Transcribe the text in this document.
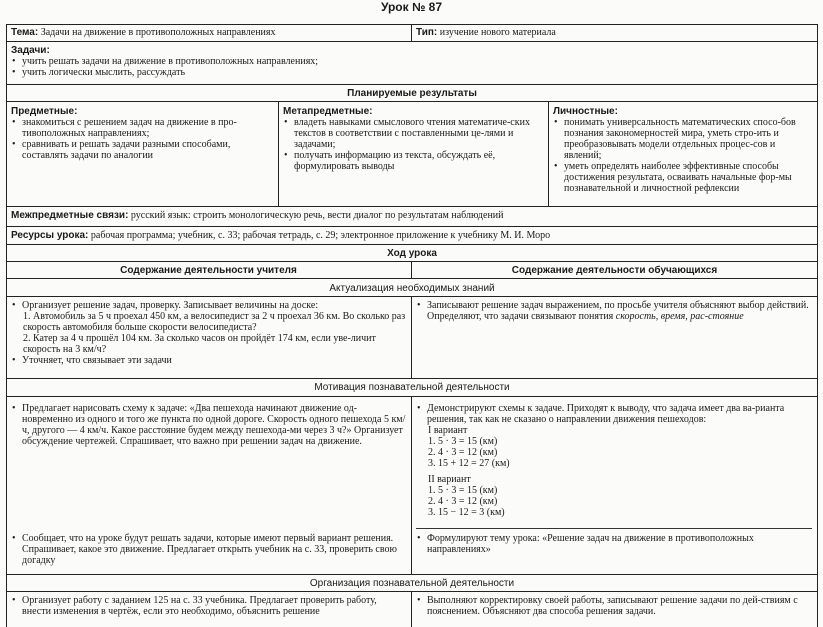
Урок № 87
Тема: Задачи на движение в противоположных направлениях	Тип: изучение нового материала
Задачи:
• учить решать задачи на движение в противоположных направлениях;
• учить логически мыслить, рассуждать
Планируемые результаты
Предметные:
• знакомиться с решением задач на движение в про-тивоположных направлениях;
• сравнивать и решать задачи разными способами, составлять задачи по аналогии
Метапредметные:
• владеть навыками смыслового чтения математиче-ских текстов в соответствии с поставленными це-лями и задачами;
• получать информацию из текста, обсуждать её, формулировать выводы
Личностные:
• понимать универсальность математических спосо-бов познания закономерностей мира, уметь стро-ить и преобразовывать модели отдельных процес-сов и явлений;
• уметь определять наиболее эффективные способы достижения результата, осваивать начальные фор-мы познавательной и личностной рефлексии
Межпредметные связи: русский язык: строить монологическую речь, вести диалог по результатам наблюдений
Ресурсы урока: рабочая программа; учебник, с. 33; рабочая тетрадь, с. 29; электронное приложение к учебнику М. И. Моро
Ход урока
Содержание деятельности учителя	Содержание деятельности обучающихся
Актуализация необходимых знаний
• Организует решение задач, проверку. Записывает величины на доске:
1. Автомобиль за 5 ч проехал 450 км, а велосипедист за 2 ч проехал 36 км. Во сколько раз скорость автомобиля больше скорости велосипедиста?
2. Катер за 4 ч прошёл 104 км. За сколько часов он пройдёт 174 км, если уве-личит скорость на 3 км/ч?
• Уточняет, что связывает эти задачи
• Записывают решение задач выражением, по просьбе учителя объясняют выбор действий. Определяют, что задачи связывают понятия скорость, время, рас-стояние
Мотивация познавательной деятельности
• Предлагает нарисовать схему к задаче: «Два пешехода начинают движение од-новременно из одного и того же пункта по одной дороге. Скорость одного пешехода 5 км/ч, другого — 4 км/ч. Какое расстояние будем между пешехода-ми через 3 ч?» Организует обсуждение чертежей. Спрашивает, что важно при решении задач на движение.
• Сообщает, что на уроке будут решать задачи, которые имеют первый вариант решения. Спрашивает, какое это движение. Предлагает открыть учебник на с. 33, проверить свою догадку
• Демонстрируют схемы к задаче. Приходят к выводу, что задача имеет два ва-рианта решения, так как не сказано о направлении движения пешеходов:
I вариант
1. 5 · 3 = 15 (км)
2. 4 · 3 = 12 (км)
3. 15 + 12 = 27 (км)
II вариант
1. 5 · 3 = 15 (км)
2. 4 · 3 = 12 (км)
3. 15 − 12 = 3 (км)
• Формулируют тему урока: «Решение задач на движение в противоположных направлениях»
Организация познавательной деятельности
• Организует работу с заданием 125 на с. 33 учебника. Предлагает проверить работу, внести изменения в чертёж, если это необходимо, объяснить решение
• Выполняют корректировку своей работы, записывают решение задачи по дей-ствиям с пояснением. Объясняют два способа решения задачи.
